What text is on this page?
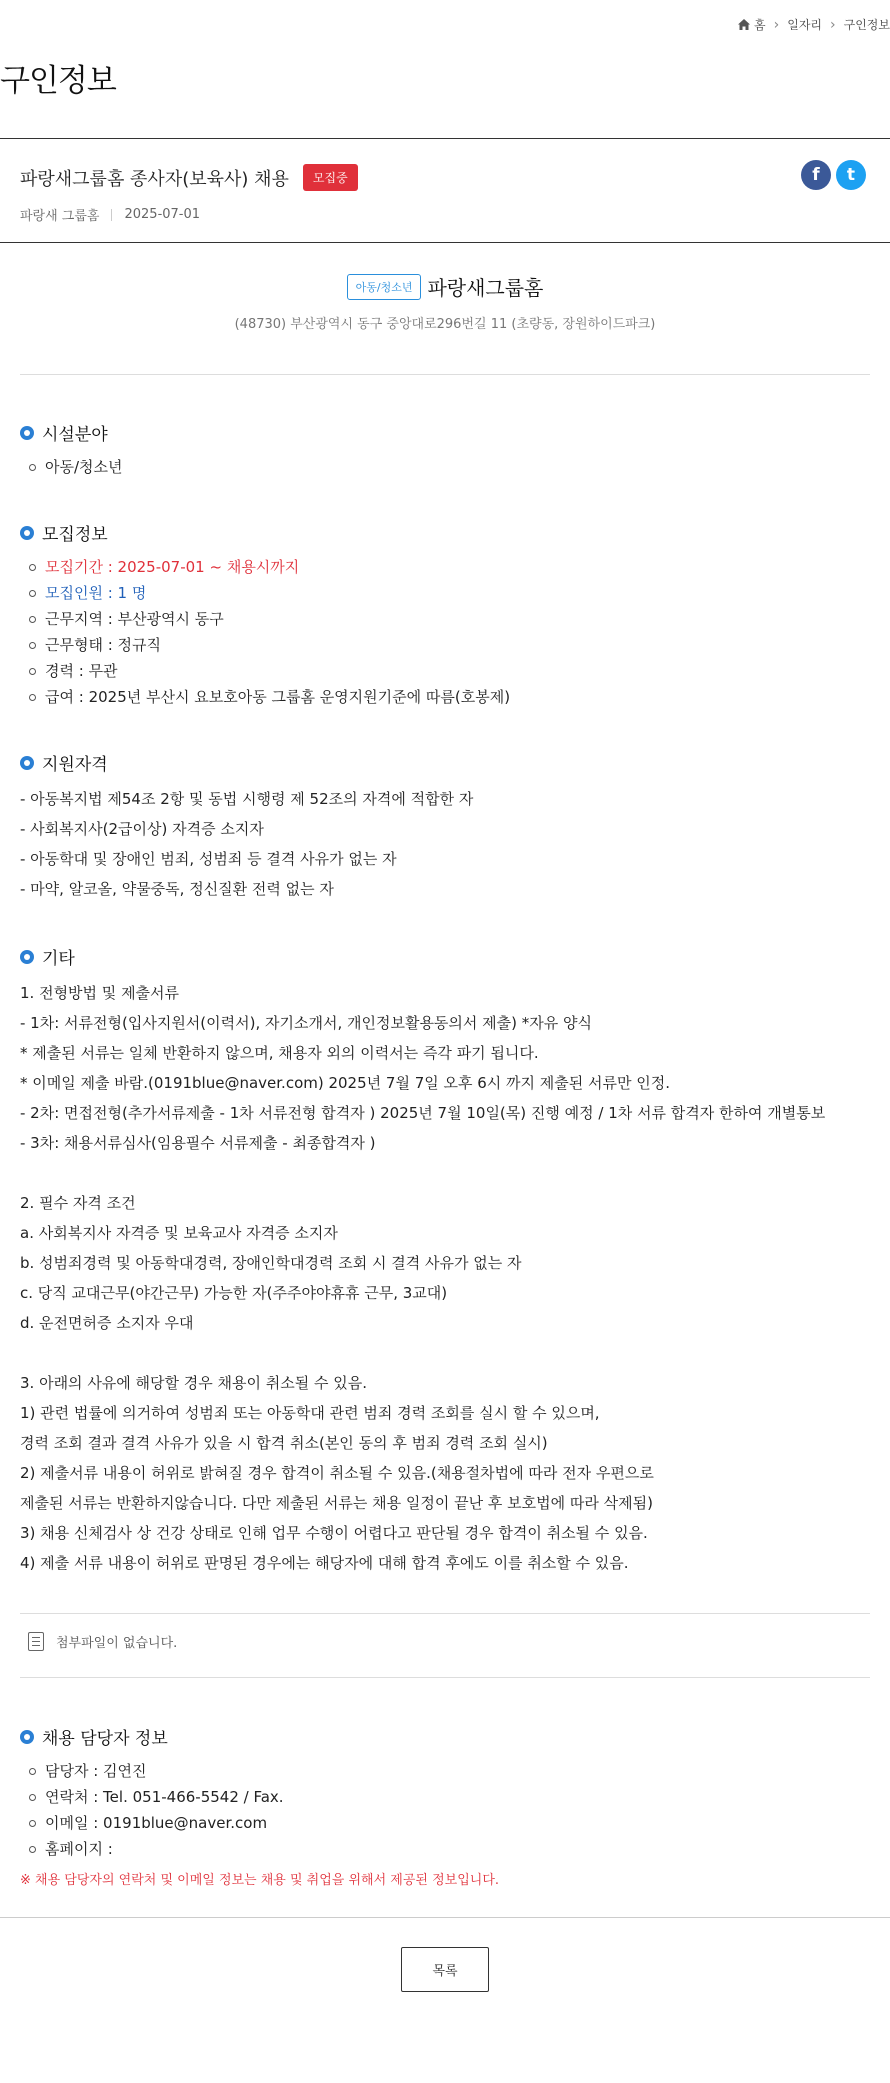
홈 › 일자리 › 구인정보
구인정보
파랑새그룹홈 종사자(보육사) 채용	모집중
파랑새 그룹홈 2025-07-01
f	t
아동/청소년 파랑새그룹홈
(48730) 부산광역시 동구 중앙대로296번길 11 (초량동, 장원하이드파크)
시설분야
아동/청소년
모집정보
모집기간 : 2025-07-01 ~ 채용시까지
모집인원 : 1 명
근무지역 : 부산광역시 동구
근무형태 : 정규직
경력 : 무관
급여 : 2025년 부산시 요보호아동 그룹홈 운영지원기준에 따름(호봉제)
지원자격
- 아동복지법 제54조 2항 및 동법 시행령 제 52조의 자격에 적합한 자
- 사회복지사(2급이상) 자격증 소지자
- 아동학대 및 장애인 범죄, 성범죄 등 결격 사유가 없는 자
- 마약, 알코올, 약물중독, 정신질환 전력 없는 자
기타
1. 전형방법 및 제출서류
- 1차: 서류전형(입사지원서(이력서), 자기소개서, 개인정보활용동의서 제출) *자유 양식
* 제출된 서류는 일체 반환하지 않으며, 채용자 외의 이력서는 즉각 파기 됩니다.
* 이메일 제출 바람.(0191blue@naver.com) 2025년 7월 7일 오후 6시 까지 제출된 서류만 인정.
- 2차: 면접전형(추가서류제출 - 1차 서류전형 합격자 ) 2025년 7월 10일(목) 진행 예정 / 1차 서류 합격자 한하여 개별통보
- 3차: 채용서류심사(임용필수 서류제출 - 최종합격자 )
2. 필수 자격 조건
a. 사회복지사 자격증 및 보육교사 자격증 소지자
b. 성범죄경력 및 아동학대경력, 장애인학대경력 조회 시 결격 사유가 없는 자
c. 당직 교대근무(야간근무) 가능한 자(주주야야휴휴 근무, 3교대)
d. 운전면허증 소지자 우대
3. 아래의 사유에 해당할 경우 채용이 취소될 수 있음.
1) 관련 법률에 의거하여 성범죄 또는 아동학대 관련 범죄 경력 조회를 실시 할 수 있으며,
경력 조회 결과 결격 사유가 있을 시 합격 취소(본인 동의 후 범죄 경력 조회 실시)
2) 제출서류 내용이 허위로 밝혀질 경우 합격이 취소될 수 있음.(채용절차법에 따라 전자 우편으로
제출된 서류는 반환하지않습니다. 다만 제출된 서류는 채용 일정이 끝난 후 보호법에 따라 삭제됨)
3) 채용 신체검사 상 건강 상태로 인해 업무 수행이 어렵다고 판단될 경우 합격이 취소될 수 있음.
4) 제출 서류 내용이 허위로 판명된 경우에는 해당자에 대해 합격 후에도 이를 취소할 수 있음.
첨부파일이 없습니다.
채용 담당자 정보
담당자 : 김연진
연락처 : Tel. 051-466-5542 / Fax.
이메일 : 0191blue@naver.com
홈페이지 :
※ 채용 담당자의 연락처 및 이메일 정보는 채용 및 취업을 위해서 제공된 정보입니다.
목록
